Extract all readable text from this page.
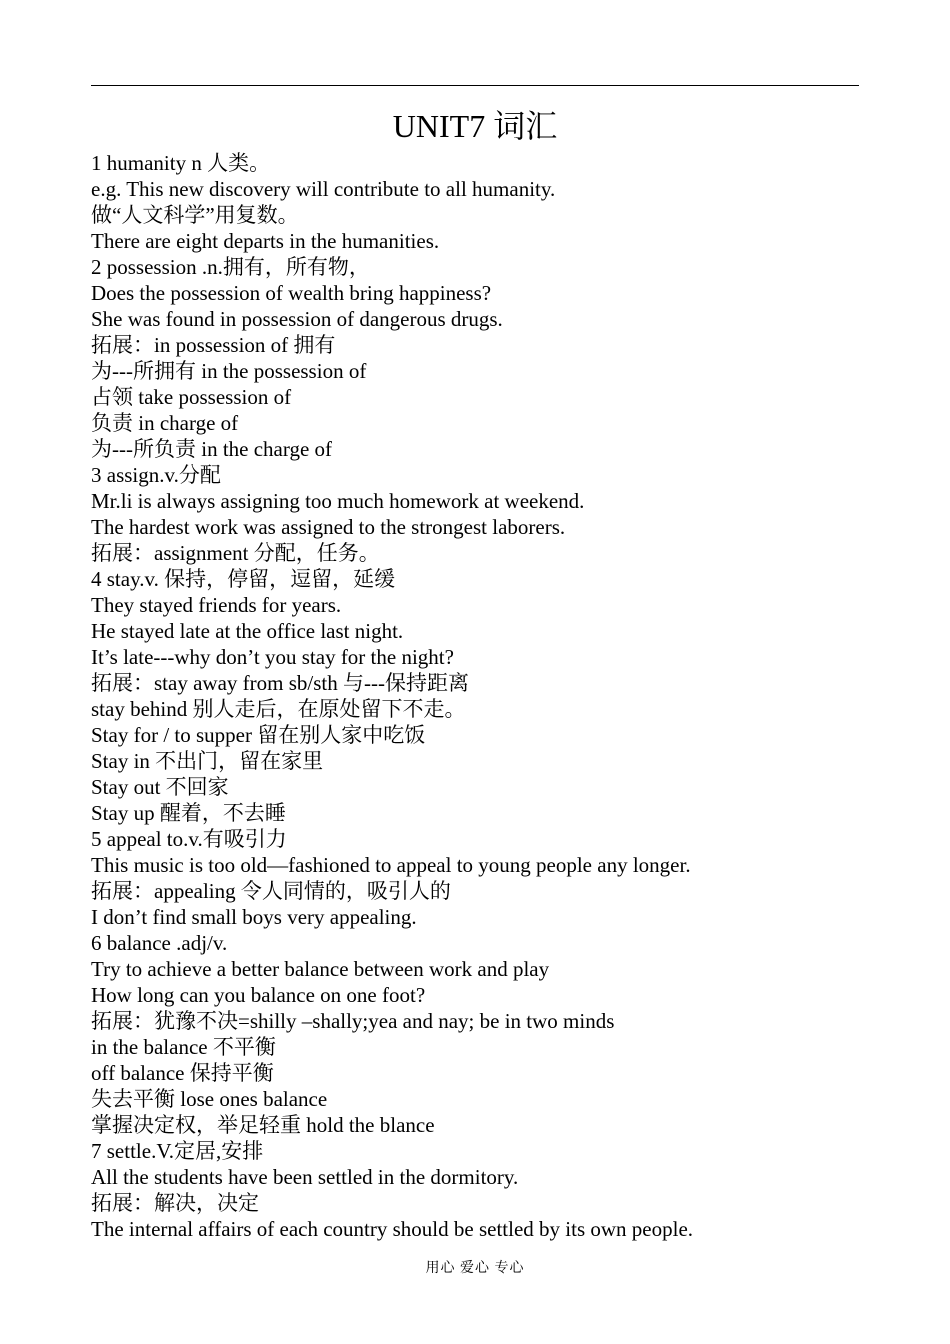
UNIT7 词汇
1 humanity n 人类。
e.g. This new discovery will contribute to all humanity.
做“人文科学”用复数。
There are eight departs in the humanities.
2 possession .n.拥有，所有物，
Does the possession of wealth bring happiness?
She was found in possession of dangerous drugs.
拓展：in possession of 拥有
为---所拥有 in the possession of
占领 take possession of
负责 in charge of
为---所负责 in the charge of
3 assign.v.分配
Mr.li is always assigning too much homework at weekend.
The hardest work was assigned to the strongest laborers.
拓展：assignment 分配，任务。
4 stay.v. 保持，停留，逗留，延缓
They stayed friends for years.
He stayed late at the office last night.
It’s late---why don’t you stay for the night?
拓展：stay away from sb/sth 与---保持距离
stay behind 别人走后，在原处留下不走。
Stay for / to supper 留在别人家中吃饭
Stay in 不出门，留在家里
Stay out 不回家
Stay up 醒着，不去睡
5 appeal to.v.有吸引力
This music is too old—fashioned to appeal to young people any longer.
拓展：appealing 令人同情的，吸引人的
I don’t find small boys very appealing.
6 balance .adj/v.
Try to achieve a better balance between work and play
How long can you balance on one foot?
拓展：犹豫不决=shilly –shally;yea and nay; be in two minds
in the balance 不平衡
off balance 保持平衡
失去平衡 lose ones balance
掌握决定权，举足轻重 hold the blance
7 settle.V.定居,安排
All the students have been settled in the dormitory.
拓展：解决，决定
The internal affairs of each country should be settled by its own people.
用心 爱心 专心
